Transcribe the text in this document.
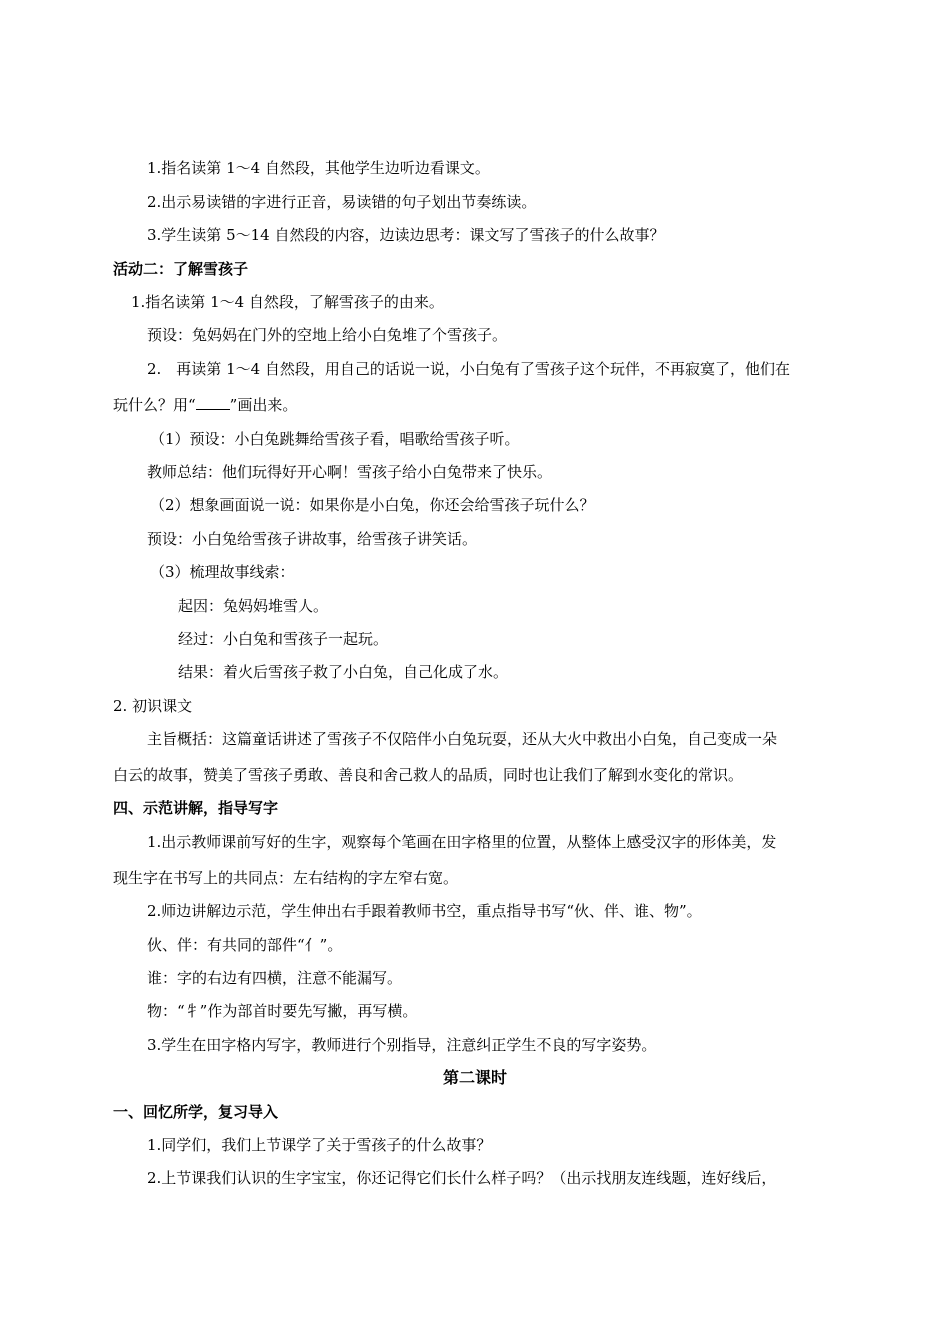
1.指名读第 1～4 自然段，其他学生边听边看课文。
2.出示易读错的字进行正音，易读错的句子划出节奏练读。
3.学生读第 5～14 自然段的内容，边读边思考：课文写了雪孩子的什么故事？
活动二：了解雪孩子
1.指名读第 1～4 自然段，了解雪孩子的由来。
预设：兔妈妈在门外的空地上给小白兔堆了个雪孩子。
2.　再读第 1～4 自然段，用自己的话说一说，小白兔有了雪孩子这个玩伴，不再寂寞了，他们在
玩什么？用“ ”画出来。
（1）预设：小白兔跳舞给雪孩子看，唱歌给雪孩子听。
教师总结：他们玩得好开心啊！雪孩子给小白兔带来了快乐。
（2）想象画面说一说：如果你是小白兔，你还会给雪孩子玩什么？
预设：小白兔给雪孩子讲故事，给雪孩子讲笑话。
（3）梳理故事线索：
起因：兔妈妈堆雪人。
经过：小白兔和雪孩子一起玩。
结果：着火后雪孩子救了小白兔，自己化成了水。
2. 初识课文
主旨概括：这篇童话讲述了雪孩子不仅陪伴小白兔玩耍，还从大火中救出小白兔，自己变成一朵
白云的故事，赞美了雪孩子勇敢、善良和舍己救人的品质，同时也让我们了解到水变化的常识。
四、示范讲解，指导写字
1.出示教师课前写好的生字，观察每个笔画在田字格里的位置，从整体上感受汉字的形体美，发
现生字在书写上的共同点：左右结构的字左窄右宽。
2.师边讲解边示范，学生伸出右手跟着教师书空，重点指导书写“伙、伴、谁、物”。
伙、伴：有共同的部件“亻”。
谁：字的右边有四横，注意不能漏写。
物：“牜”作为部首时要先写撇，再写横。
3.学生在田字格内写字，教师进行个别指导，注意纠正学生不良的写字姿势。
第二课时
一、回忆所学，复习导入
1.同学们，我们上节课学了关于雪孩子的什么故事？
2.上节课我们认识的生字宝宝，你还记得它们长什么样子吗？（出示找朋友连线题，连好线后，
